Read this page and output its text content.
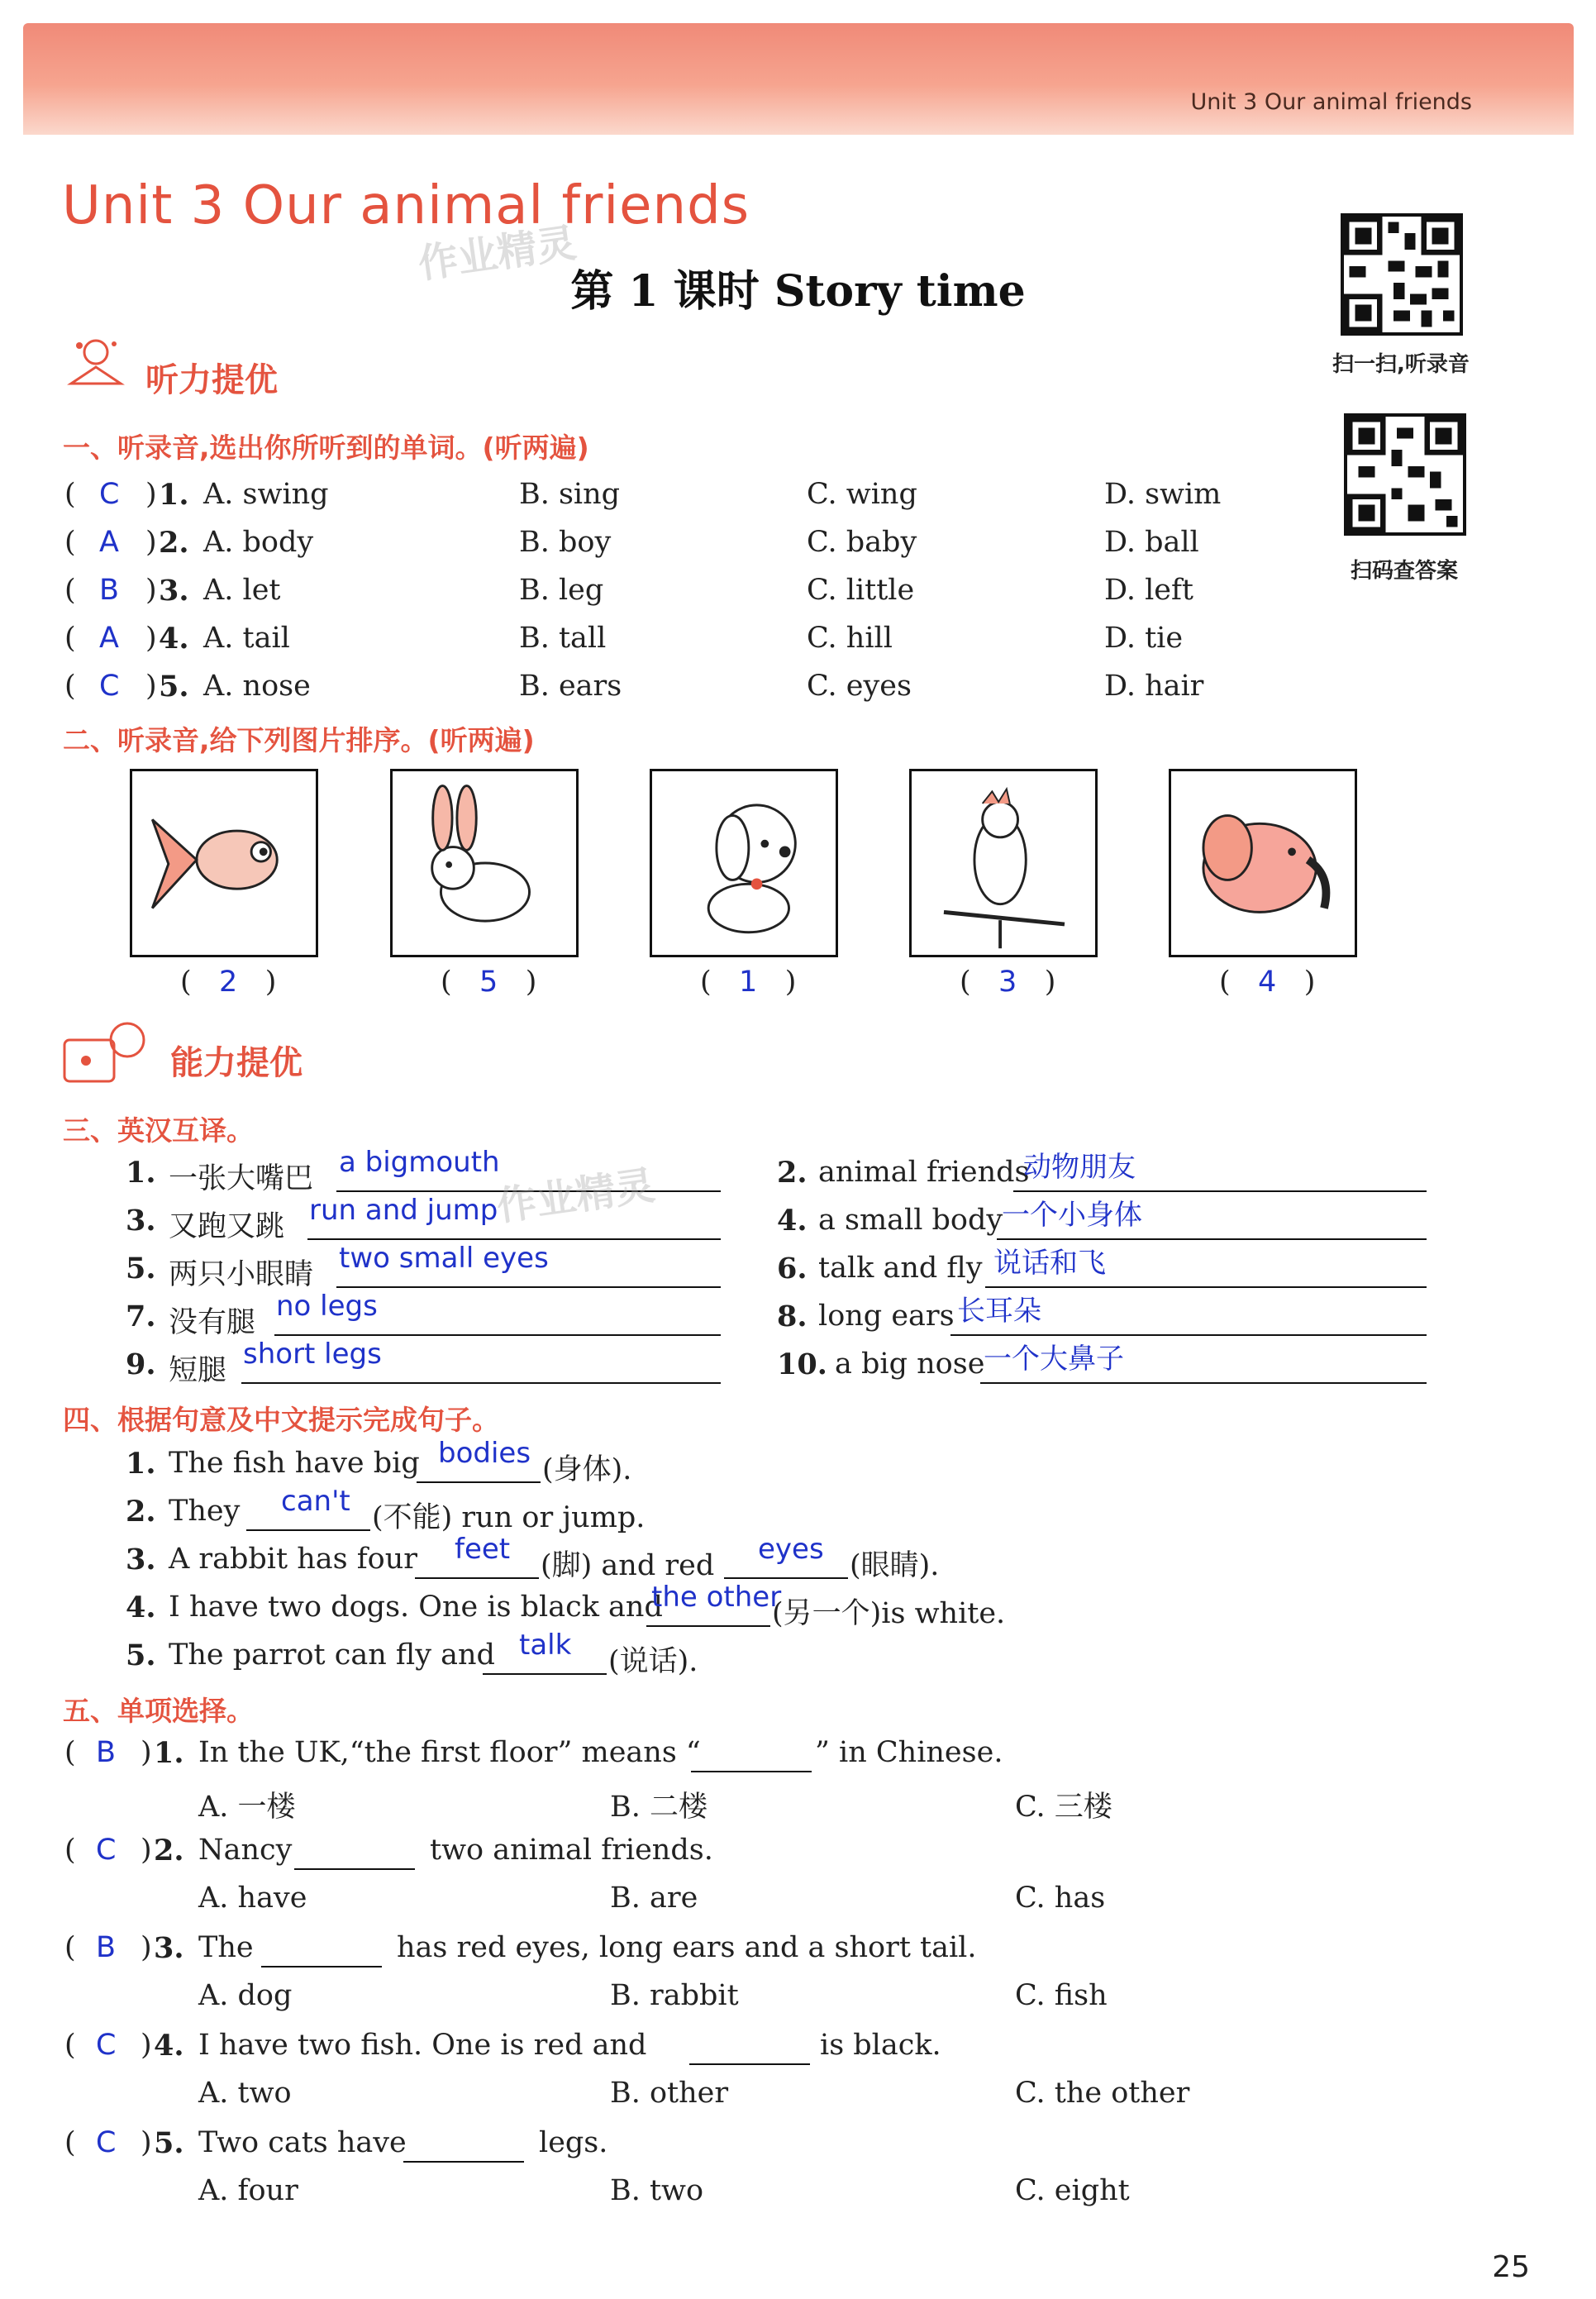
Unit 3 Our animal friends
Unit 3 Our animal friends
第 1 课时 Story time
作业精灵
扫一扫,听录音
扫码查答案
听力提优
一、听录音,选出你所听到的单词。(听两遍)
( C ) 1. A. swing	B. sing	C. wing	D. swim
( A ) 2. A. body	B. boy	C. baby	D. ball
( B ) 3. A. let	B. leg	C. little	D. left
( A ) 4. A. tail	B. tall	C. hill	D. tie
( C ) 5. A. nose	B. ears	C. eyes	D. hair
二、听录音,给下列图片排序。(听两遍)
(   2   )	(   5   )	(   1   )	(   3   )	(   4   )
能力提优
三、英汉互译。
1. 一张大嘴巴 a bigmouth
3. 又跑又跳 run and jump
5. 两只小眼睛 two small eyes
7. 没有腿 no legs
9. 短腿 short legs
2. animal friends
动物朋友
4. a small body
一个小身体
6. talk and fly 说话和飞
8. long ears 长耳朵
10. a big nose
一个大鼻子
作业精灵
四、根据句意及中文提示完成句子。
1. The fish have big bodies (身体).
2. They can't (不能) run or jump.
3. A rabbit has four feet (脚) and red eyes (眼睛).
4. I have two dogs. One is black and
the other
(另一个)is white.
5. The parrot can fly and talk (说话).
五、单项选择。
( B ) 1. In the UK,“the first floor” means “	” in Chinese.
A. 一楼	B. 二楼	C. 三楼
( C ) 2. Nancy	two animal friends.
A. have	B. are	C. has
( B ) 3. The	has red eyes, long ears and a short tail.
A. dog	B. rabbit	C. fish
( C ) 4. I have two fish. One is red and	is black.
A. two	B. other	C. the other
( C ) 5. Two cats have	legs.
A. four	B. two	C. eight
25
